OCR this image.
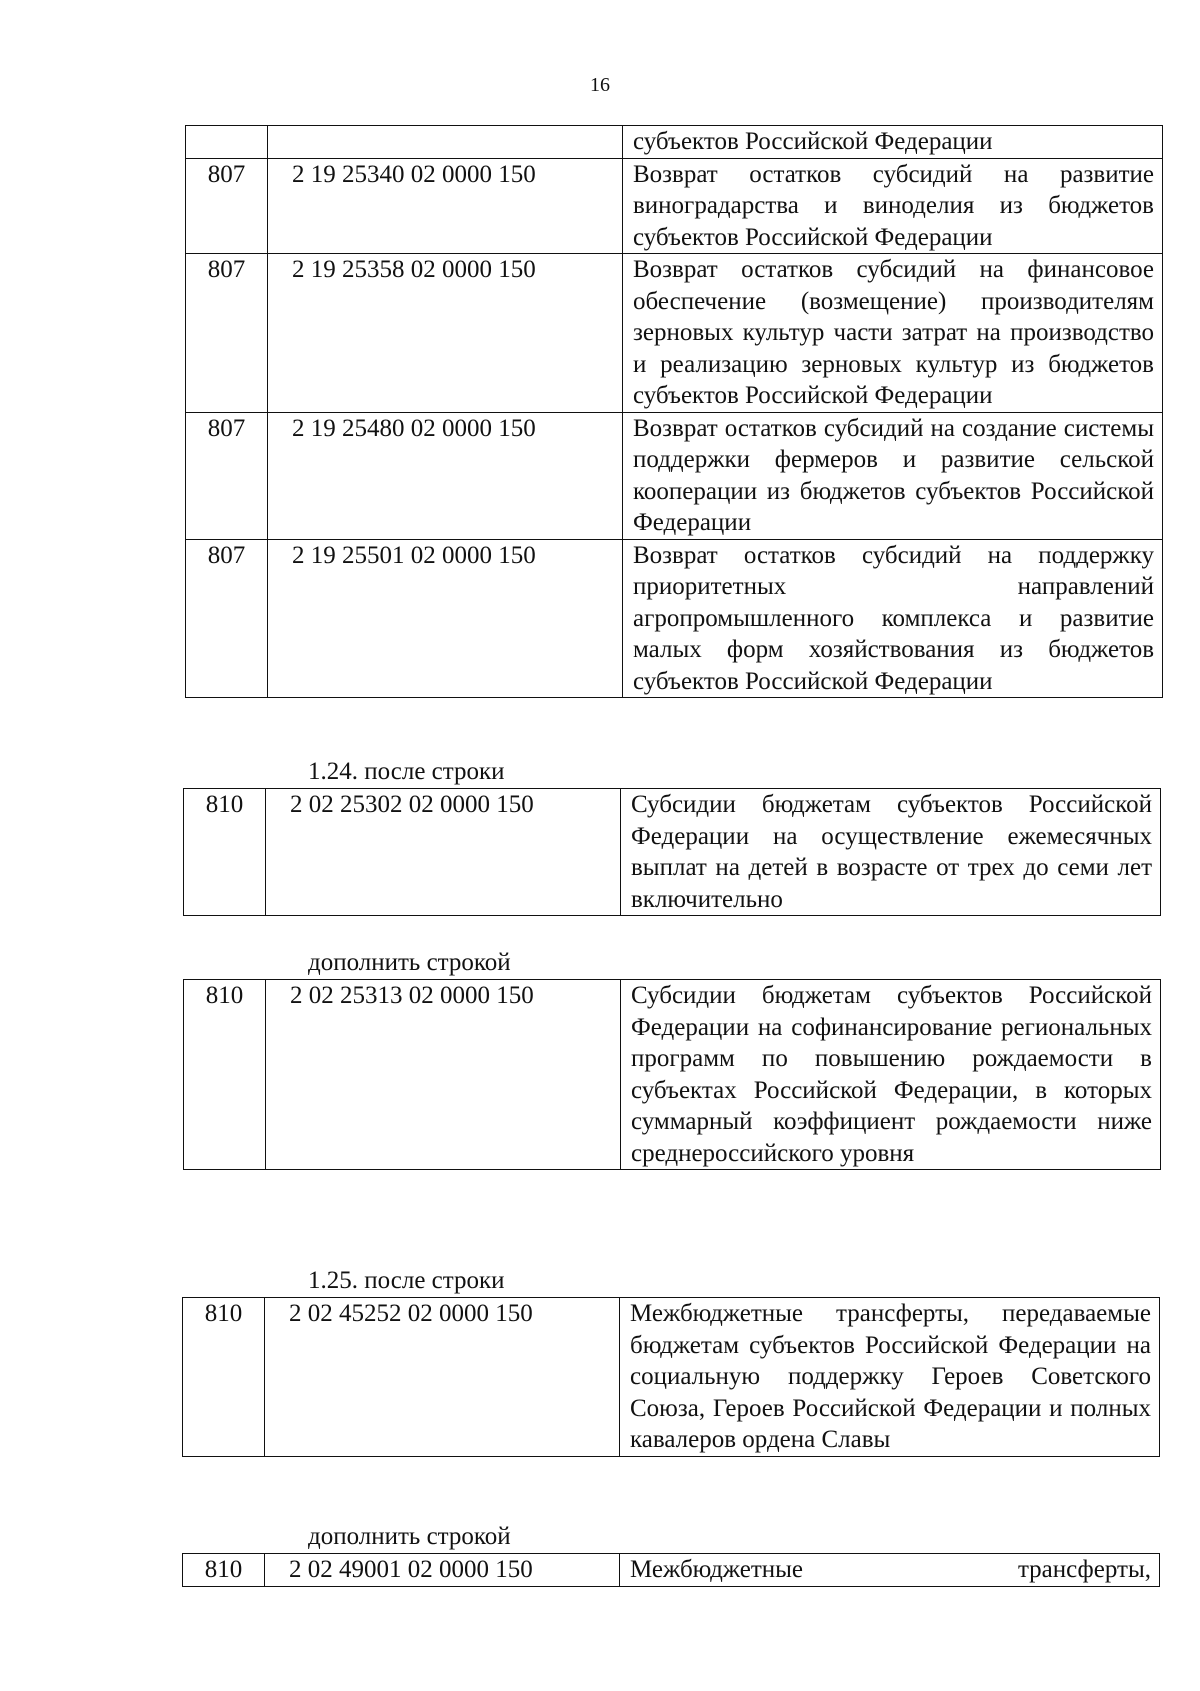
16
		субъектов Российской Федерации
807	2 19 25340 02 0000 150	Возврат остатков субсидий на развитие виноградарства и виноделия из бюджетов субъектов Российской Федерации
807	2 19 25358 02 0000 150	Возврат остатков субсидий на финансовое обеспечение (возмещение) производителям зерновых культур части затрат на производство и реализацию зерновых культур из бюджетов субъектов Российской Федерации
807	2 19 25480 02 0000 150	Возврат остатков субсидий на создание системы поддержки фермеров и развитие сельской кооперации из бюджетов субъектов Российской Федерации
807	2 19 25501 02 0000 150	Возврат остатков субсидий на поддержку приоритетных направлений агропромышленного комплекса и развитие малых форм хозяйствования из бюджетов субъектов Российской Федерации
1.24. после строки
810	2 02 25302 02 0000 150	Субсидии бюджетам субъектов Российской Федерации на осуществление ежемесячных выплат на детей в возрасте от трех до семи лет включительно
дополнить строкой
810	2 02 25313 02 0000 150	Субсидии бюджетам субъектов Российской Федерации на софинансирование региональных программ по повышению рождаемости в субъектах Российской Федерации, в которых суммарный коэффициент рождаемости ниже среднероссийского уровня
1.25. после строки
810	2 02 45252 02 0000 150	Межбюджетные трансферты, передаваемые бюджетам субъектов Российской Федерации на социальную поддержку Героев Советского Союза, Героев Российской Федерации и полных кавалеров ордена Славы
дополнить строкой
810	2 02 49001 02 0000 150	Межбюджетные трансферты,
